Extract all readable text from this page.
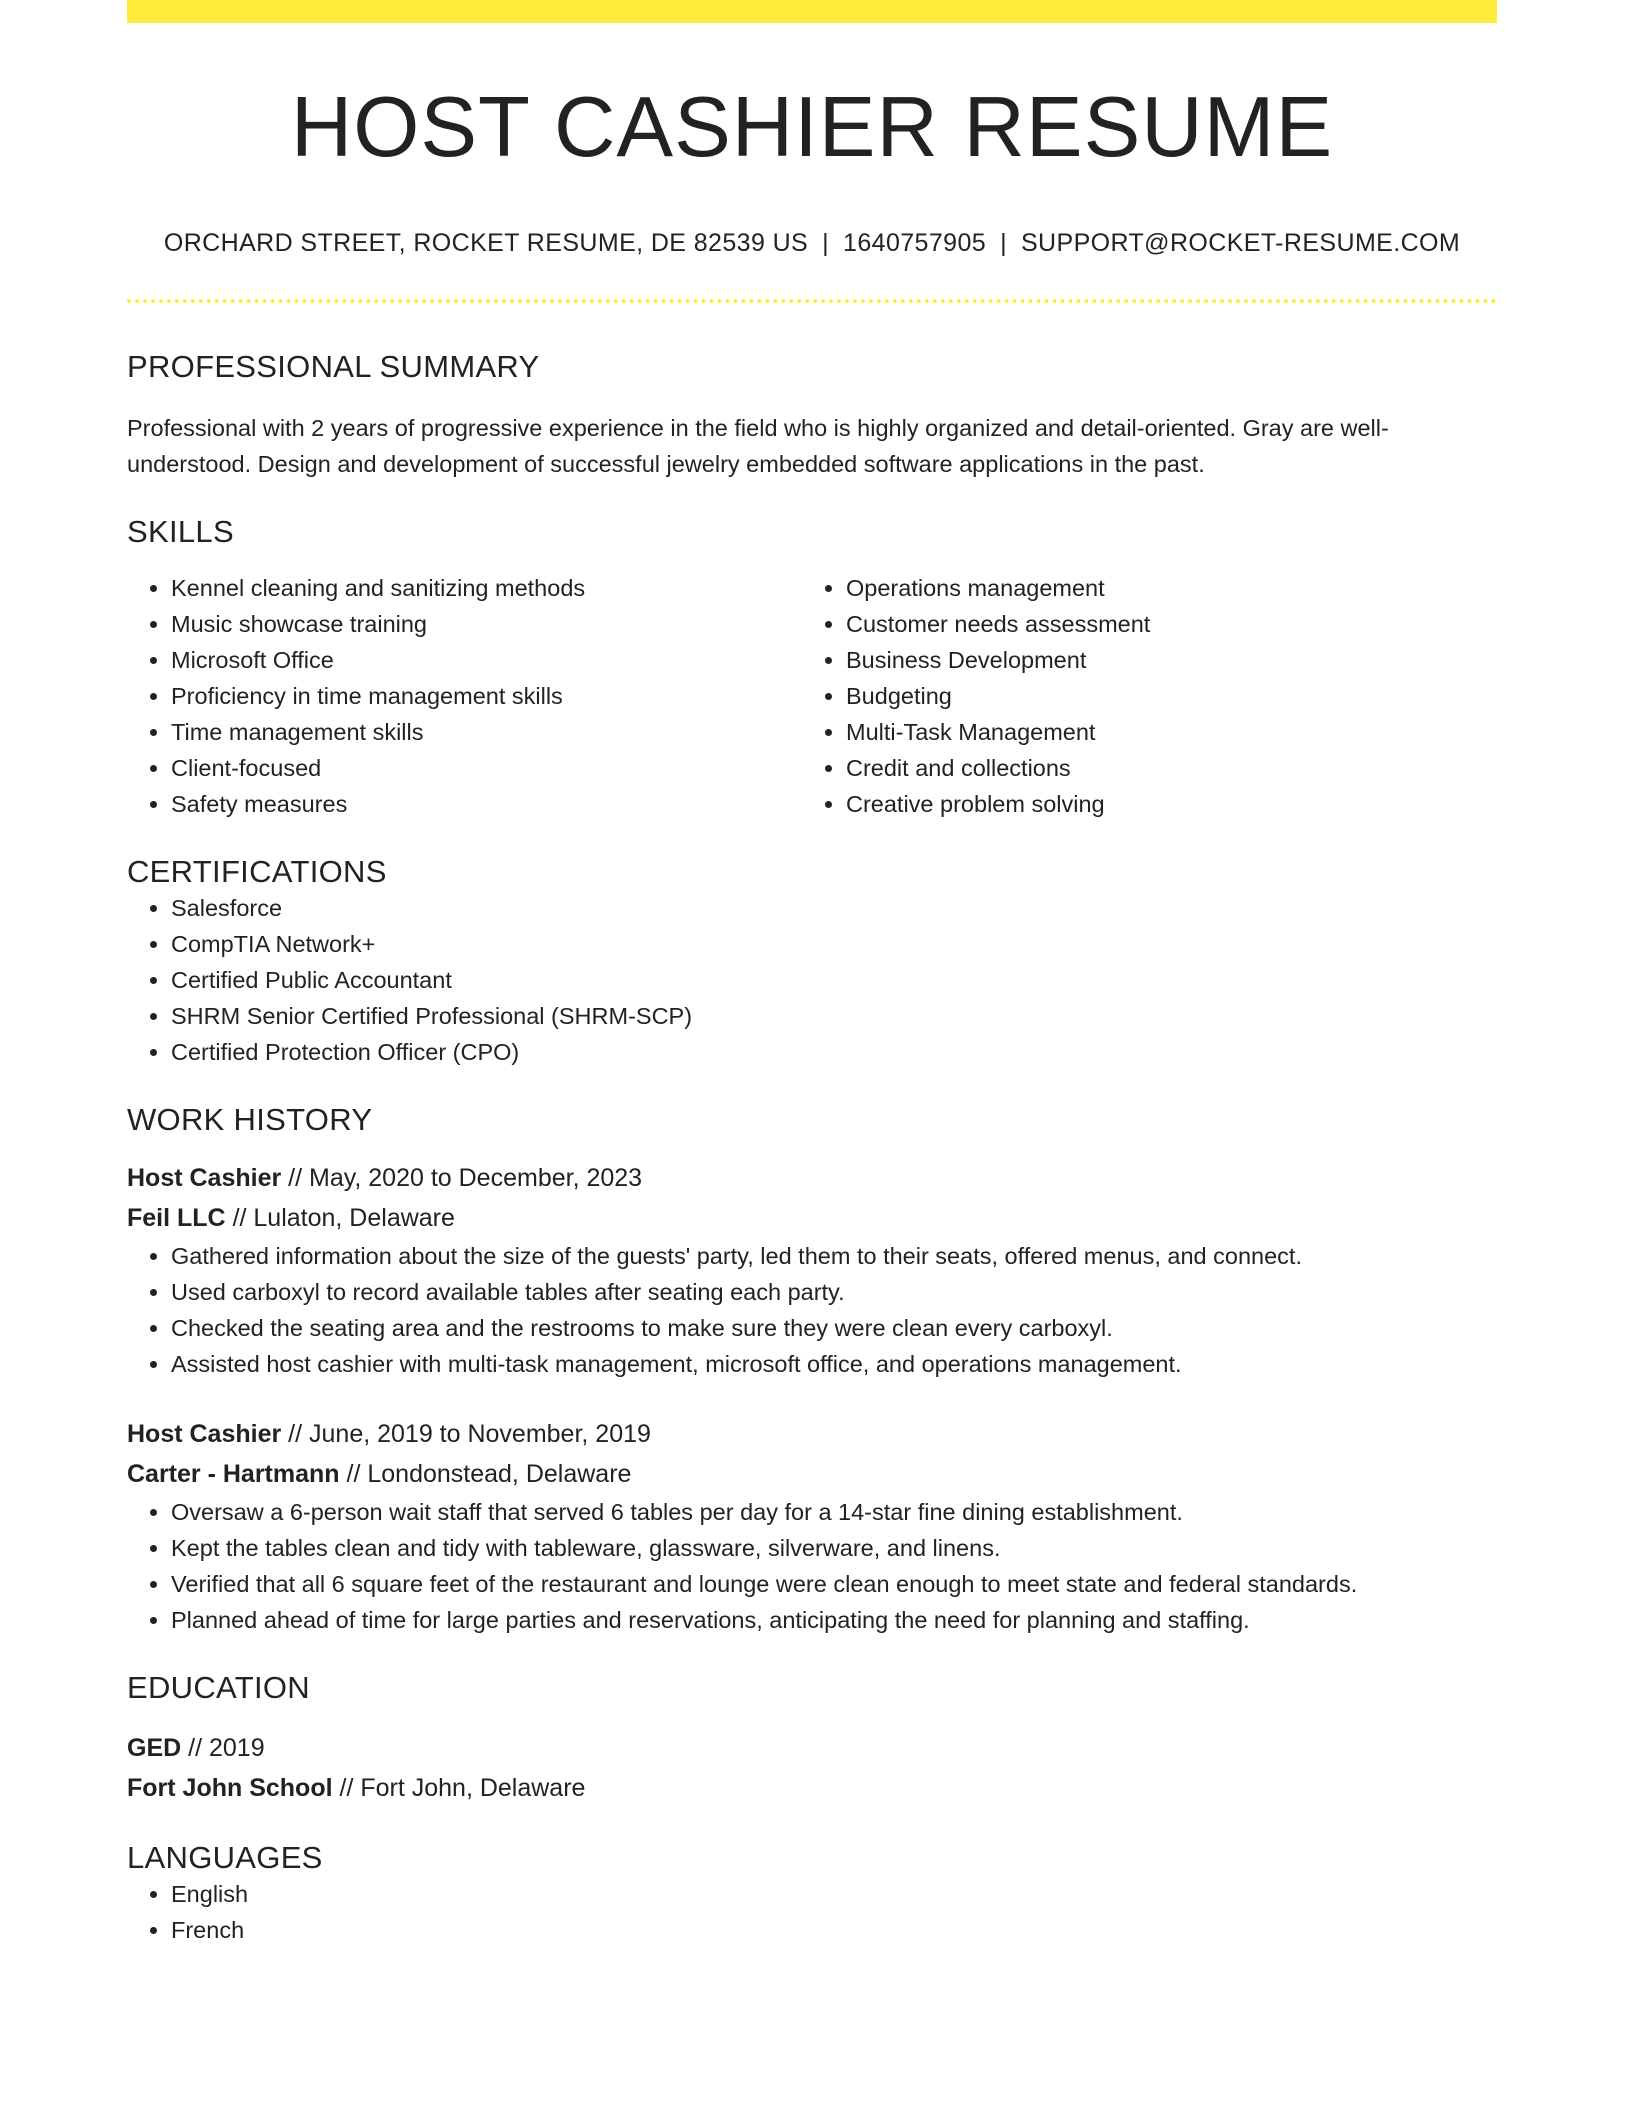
HOST CASHIER RESUME
ORCHARD STREET, ROCKET RESUME, DE 82539 US | 1640757905 | SUPPORT@ROCKET-RESUME.COM
PROFESSIONAL SUMMARY
Professional with 2 years of progressive experience in the field who is highly organized and detail-oriented. Gray are well-understood. Design and development of successful jewelry embedded software applications in the past.
SKILLS
• Kennel cleaning and sanitizing methods
• Music showcase training
• Microsoft Office
• Proficiency in time management skills
• Time management skills
• Client-focused
• Safety measures
• Operations management
• Customer needs assessment
• Business Development
• Budgeting
• Multi-Task Management
• Credit and collections
• Creative problem solving
CERTIFICATIONS
• Salesforce
• CompTIA Network+
• Certified Public Accountant
• SHRM Senior Certified Professional (SHRM-SCP)
• Certified Protection Officer (CPO)
WORK HISTORY
Host Cashier // May, 2020 to December, 2023
Feil LLC // Lulaton, Delaware
• Gathered information about the size of the guests' party, led them to their seats, offered menus, and connect.
• Used carboxyl to record available tables after seating each party.
• Checked the seating area and the restrooms to make sure they were clean every carboxyl.
• Assisted host cashier with multi-task management, microsoft office, and operations management.
Host Cashier // June, 2019 to November, 2019
Carter - Hartmann // Londonstead, Delaware
• Oversaw a 6-person wait staff that served 6 tables per day for a 14-star fine dining establishment.
• Kept the tables clean and tidy with tableware, glassware, silverware, and linens.
• Verified that all 6 square feet of the restaurant and lounge were clean enough to meet state and federal standards.
• Planned ahead of time for large parties and reservations, anticipating the need for planning and staffing.
EDUCATION
GED // 2019
Fort John School // Fort John, Delaware
LANGUAGES
• English
• French
